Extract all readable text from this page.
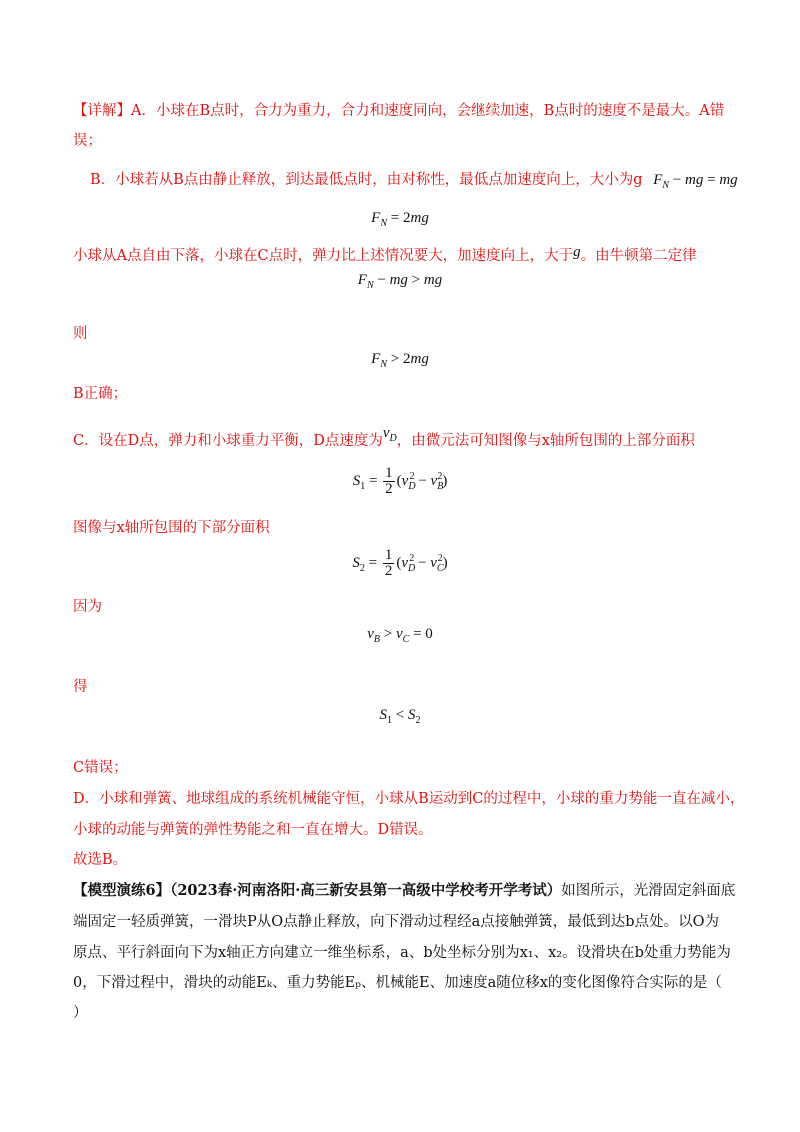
【详解】A．小球在B点时，合力为重力，合力和速度同向，会继续加速，B点时的速度不是最大。A错
误；
B．小球若从B点由静止释放，到达最低点时，由对称性，最低点加速度向上，大小为g $F_N$ − mg = mg
$F_N = 2mg$
小球从A点自由下落，小球在C点时，弹力比上述情况要大，加速度向上，大于g。由牛顿第二定律
$F_N$ − mg > mg
则
$F_N > 2mg$
B正确；
C．设在D点，弹力和小球重力平衡，D点速度为$v_D$，由微元法可知图像与x轴所包围的上部分面积
$S_1 = \frac{1}{2} (v_D^2 - v_B^2)$
图像与x轴所包围的下部分面积
$S_2 = \frac{1}{2} (v_D^2 - v_C^2)$
因为
$v_B > v_C = 0$
得
$S_1 < S_2$
C错误；
D．小球和弹簧、地球组成的系统机械能守恒，小球从B运动到C的过程中，小球的重力势能一直在减小，
小球的动能与弹簧的弹性势能之和一直在增大。D错误。
故选B。
【模型演练6】（2023春·河南洛阳·高三新安县第一高级中学校考开学考试）如图所示，光滑固定斜面底
端固定一轻质弹簧，一滑块P从O点静止释放，向下滑动过程经a点接触弹簧，最低到达b点处。以O为
原点、平行斜面向下为x轴正方向建立一维坐标系，a、b处坐标分别为x₁、x₂。设滑块在b处重力势能为
0，下滑过程中，滑块的动能Eₖ、重力势能Eₚ、机械能E、加速度a随位移x的变化图像符合实际的是（
）
